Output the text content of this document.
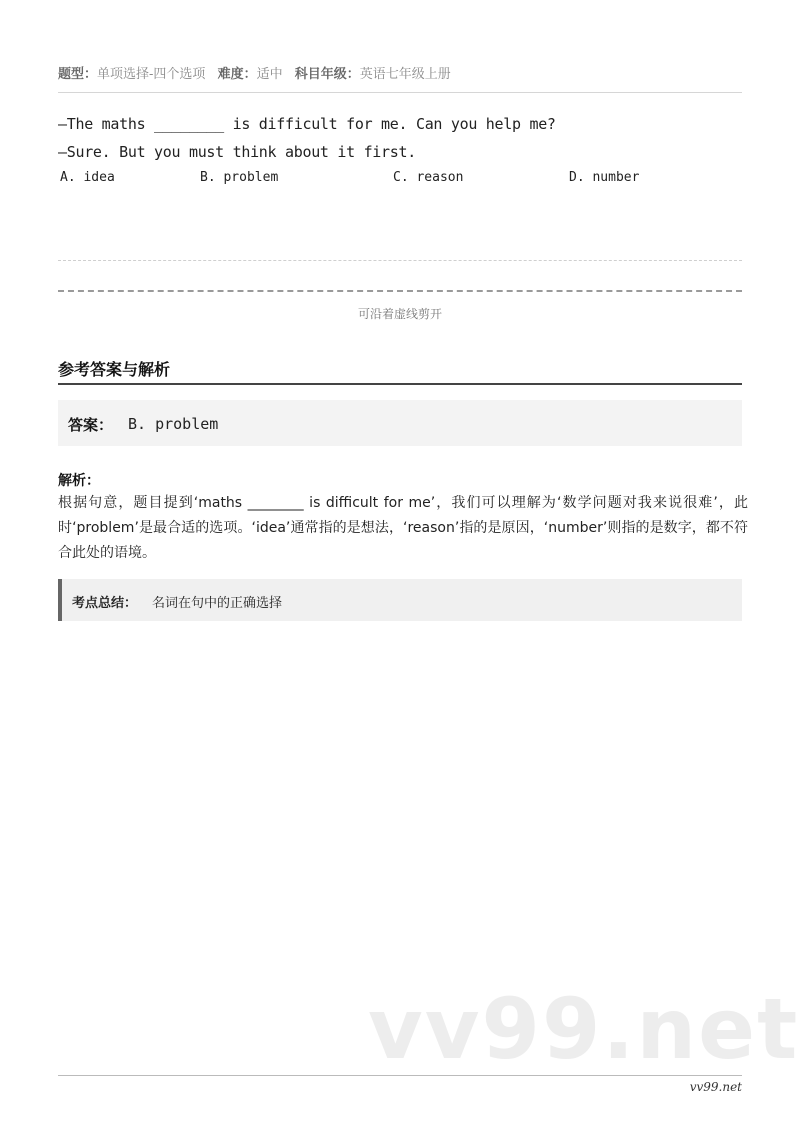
题型：单项选择-四个选项 难度：适中 科目年级：英语七年级上册
—The maths ________ is difficult for me. Can you help me?
—Sure. But you must think about it first.
A. idea	B. problem	C. reason	D. number
可沿着虚线剪开
参考答案与解析
答案： B. problem
解析：
根据句意，题目提到‘maths ________ is difficult for me’，我们可以理解为‘数学问题对我来说很难’，此时‘problem’是最合适的选项。‘idea’通常指的是想法，‘reason’指的是原因，‘number’则指的是数字，都不符合此处的语境。
考点总结： 名词在句中的正确选择
vv99.net
vv99.net
